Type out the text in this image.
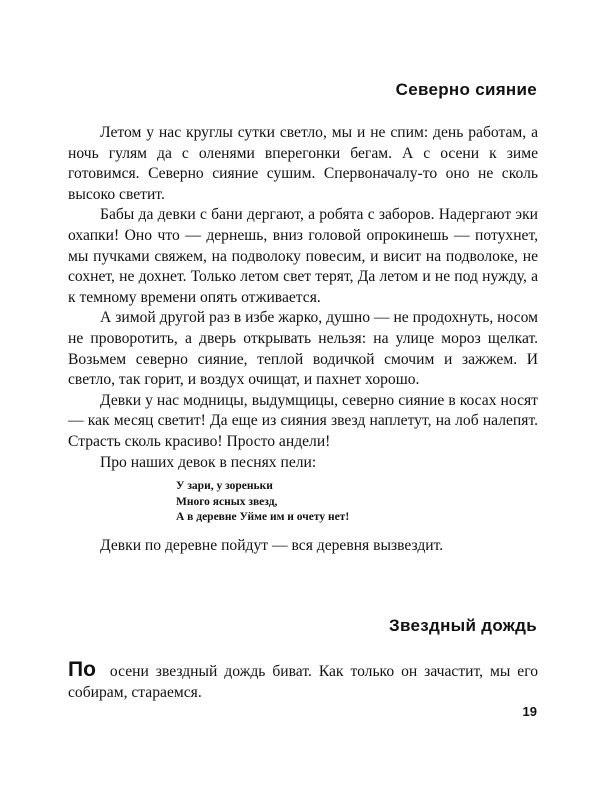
Северно сияние

Летом у нас круглы сутки светло, мы и не спим: день работам, а ночь гулям да с оленями вперегонки бегам. А с осени к зиме готовимся. Северно сияние сушим. Спервоначалу-то оно не сколь высоко светит.

Бабы да девки с бани дергают, а робята с заборов. Надергают эки охапки! Оно что — дернешь, вниз головой опрокинешь — потухнет, мы пучками свяжем, на подволоку повесим, и висит на подволоке, не сохнет, не дохнет. Только летом свет терят, Да летом и не под нужду, а к темному времени опять отживается.

А зимой другой раз в избе жарко, душно — не продохнуть, носом не проворотить, а дверь открывать нельзя: на улице мороз щелкат. Возьмем северно сияние, теплой водичкой смочим и зажжем. И светло, так горит, и воздух очищат, и пахнет хорошо.

Девки у нас модницы, выдумщицы, северно сияние в косах носят — как месяц светит! Да еще из сияния звезд наплетут, на лоб налепят. Страсть сколь красиво! Просто андели!

Про наших девок в песнях пели:

У зари, у зореньки
Много ясных звезд,
А в деревне Уйме им и очету нет!

Девки по деревне пойдут — вся деревня вызвездит.

Звездный дождь

По осени звездный дождь биват. Как только он зачастит, мы его собирам, стараемся.

19
